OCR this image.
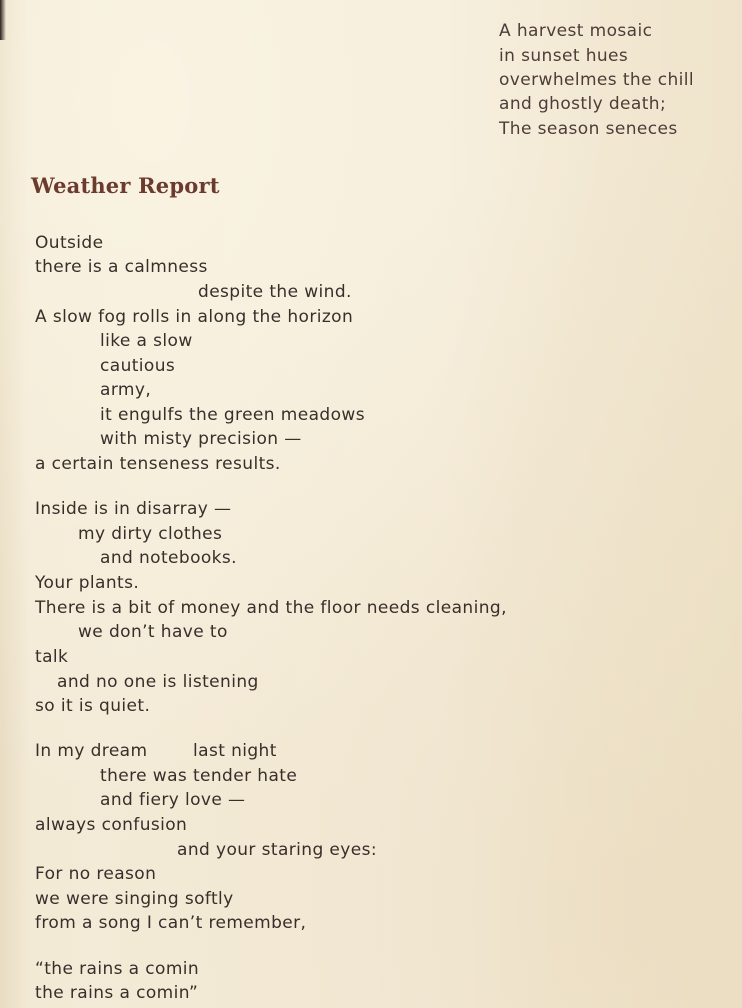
A harvest mosaic
in sunset hues
overwhelmes the chill
and ghostly death;
The season seneces
Weather Report
Outside
there is a calmness
despite the wind.
A slow fog rolls in along the horizon
like a slow
cautious
army,
it engulfs the green meadows
with misty precision —
a certain tenseness results.
Inside is in disarray —
my dirty clothes
and notebooks.
Your plants.
There is a bit of money and the floor needs cleaning,
we don’t have to
talk
and no one is listening
so it is quiet.
In my dream	last night
there was tender hate
and fiery love —
always confusion
and your staring eyes:
For no reason
we were singing softly
from a song I can’t remember,
“the rains a comin
the rains a comin”
